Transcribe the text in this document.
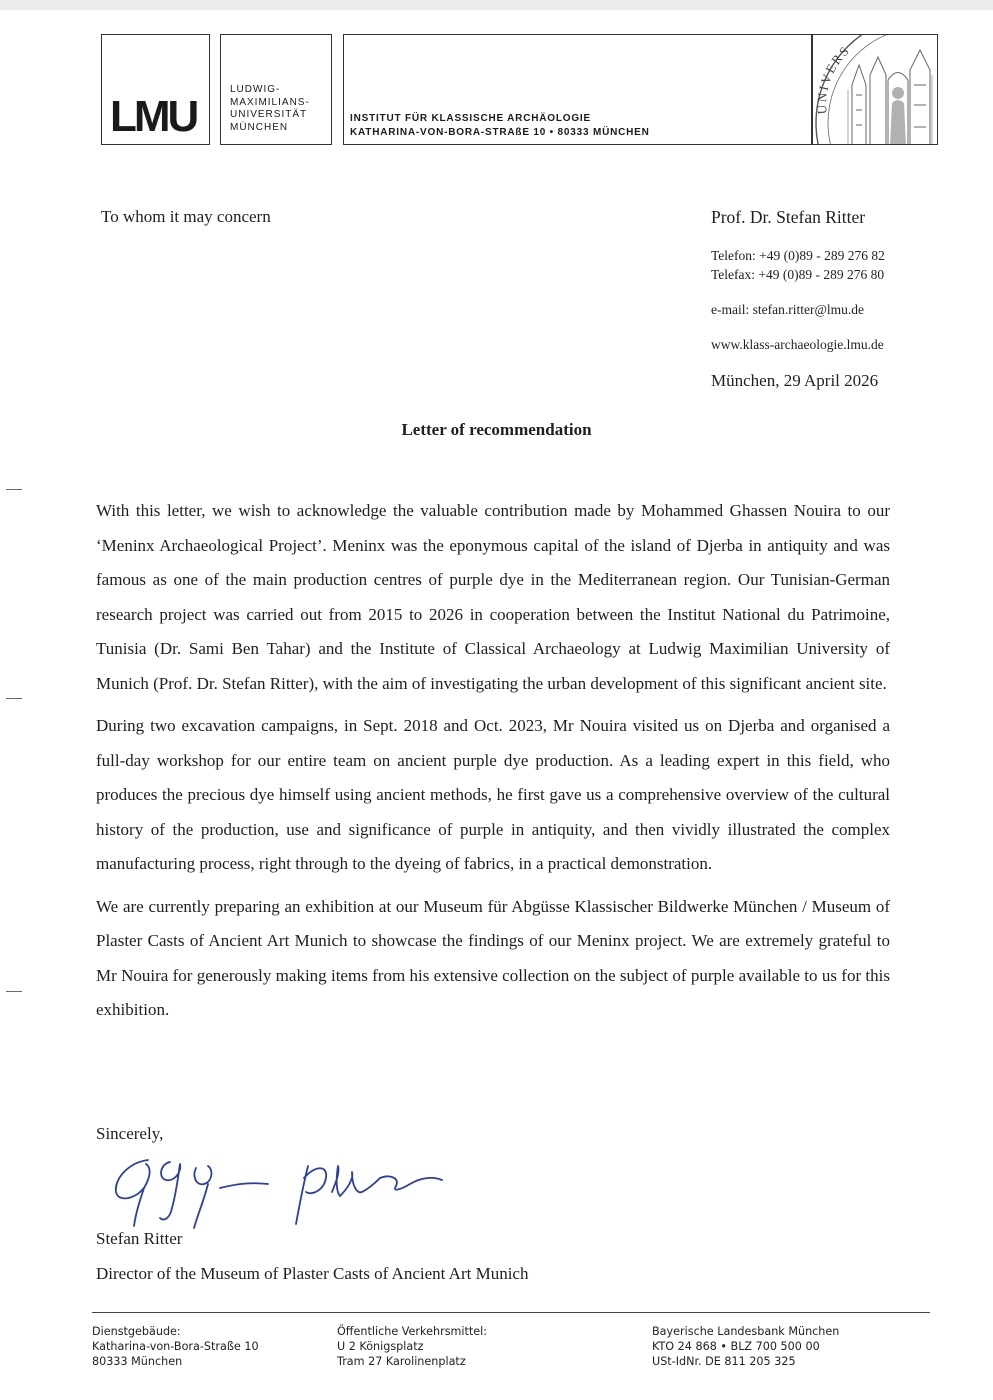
LMU
LUDWIG-
MAXIMILIANS-
UNIVERSITÄT
MÜNCHEN
INSTITUT FÜR KLASSISCHE ARCHÄOLOGIE
KATHARINA-VON-BORA-STRAßE 10 • 80333 MÜNCHEN
UNIVERS
To whom it may concern	Prof. Dr. Stefan Ritter
Telefon: +49 (0)89 - 289 276 82
Telefax: +49 (0)89 - 289 276 80
e-mail: stefan.ritter@lmu.de
www.klass-archaeologie.lmu.de
München, 29 April 2026
Letter of recommendation

With this letter, we wish to acknowledge the valuable contribution made by Mohammed Ghassen Nouira to our ‘Meninx Archaeological Project’. Meninx was the eponymous capital of the island of Djerba in antiquity and was famous as one of the main production centres of purple dye in the Mediterranean region. Our Tunisian-German research project was carried out from 2015 to 2026 in cooperation between the Institut National du Patrimoine, Tunisia (Dr. Sami Ben Tahar) and the Institute of Classical Archaeology at Ludwig Maximilian University of Munich (Prof. Dr. Stefan Ritter), with the aim of investigating the urban development of this significant ancient site.

During two excavation campaigns, in Sept. 2018 and Oct. 2023, Mr Nouira visited us on Djerba and organised a full-day workshop for our entire team on ancient purple dye production. As a leading expert in this field, who produces the precious dye himself using ancient methods, he first gave us a comprehensive overview of the cultural history of the production, use and significance of purple in antiquity, and then vividly illustrated the complex manufacturing process, right through to the dyeing of fabrics, in a practical demonstration.

We are currently preparing an exhibition at our Museum für Abgüsse Klassischer Bildwerke München / Museum of Plaster Casts of Ancient Art Munich to showcase the findings of our Meninx project. We are extremely grateful to Mr Nouira for generously making items from his extensive collection on the subject of purple available to us for this exhibition.

Sincerely,
Stefan Ritter
Director of the Museum of Plaster Casts of Ancient Art Munich
Dienstgebäude:
Katharina-von-Bora-Straße 10
80333 München
Öffentliche Verkehrsmittel:
U 2 Königsplatz
Tram 27 Karolinenplatz
Bayerische Landesbank München
KTO 24 868 • BLZ 700 500 00
USt-IdNr. DE 811 205 325
